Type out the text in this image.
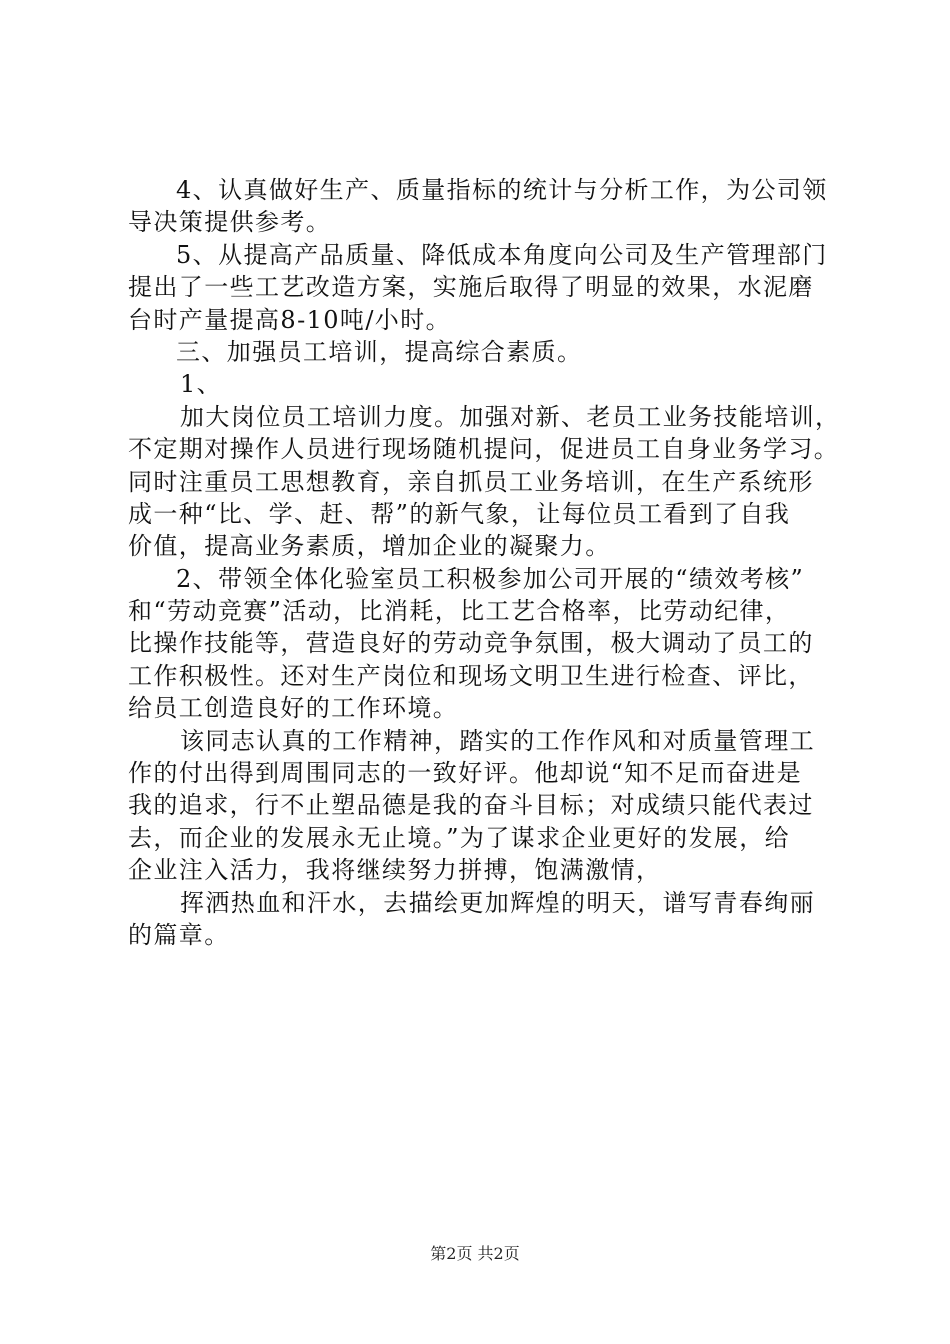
4、认真做好生产、质量指标的统计与分析工作，为公司领
导决策提供参考。
5、从提高产品质量、降低成本角度向公司及生产管理部门
提出了一些工艺改造方案，实施后取得了明显的效果，水泥磨
台时产量提高8-10吨/小时。
三、加强员工培训，提高综合素质。
1、
加大岗位员工培训力度。加强对新、老员工业务技能培训，
不定期对操作人员进行现场随机提问，促进员工自身业务学习。
同时注重员工思想教育，亲自抓员工业务培训，在生产系统形
成一种“比、学、赶、帮”的新气象，让每位员工看到了自我
价值，提高业务素质，增加企业的凝聚力。
2、带领全体化验室员工积极参加公司开展的“绩效考核”
和“劳动竞赛”活动，比消耗，比工艺合格率，比劳动纪律，
比操作技能等，营造良好的劳动竞争氛围，极大调动了员工的
工作积极性。还对生产岗位和现场文明卫生进行检查、评比，
给员工创造良好的工作环境。
该同志认真的工作精神，踏实的工作作风和对质量管理工
作的付出得到周围同志的一致好评。他却说“知不足而奋进是
我的追求，行不止塑品德是我的奋斗目标；对成绩只能代表过
去，而企业的发展永无止境。”为了谋求企业更好的发展，给
企业注入活力，我将继续努力拼搏，饱满激情，
挥洒热血和汗水，去描绘更加辉煌的明天，谱写青春绚丽
的篇章。
第2页 共2页
